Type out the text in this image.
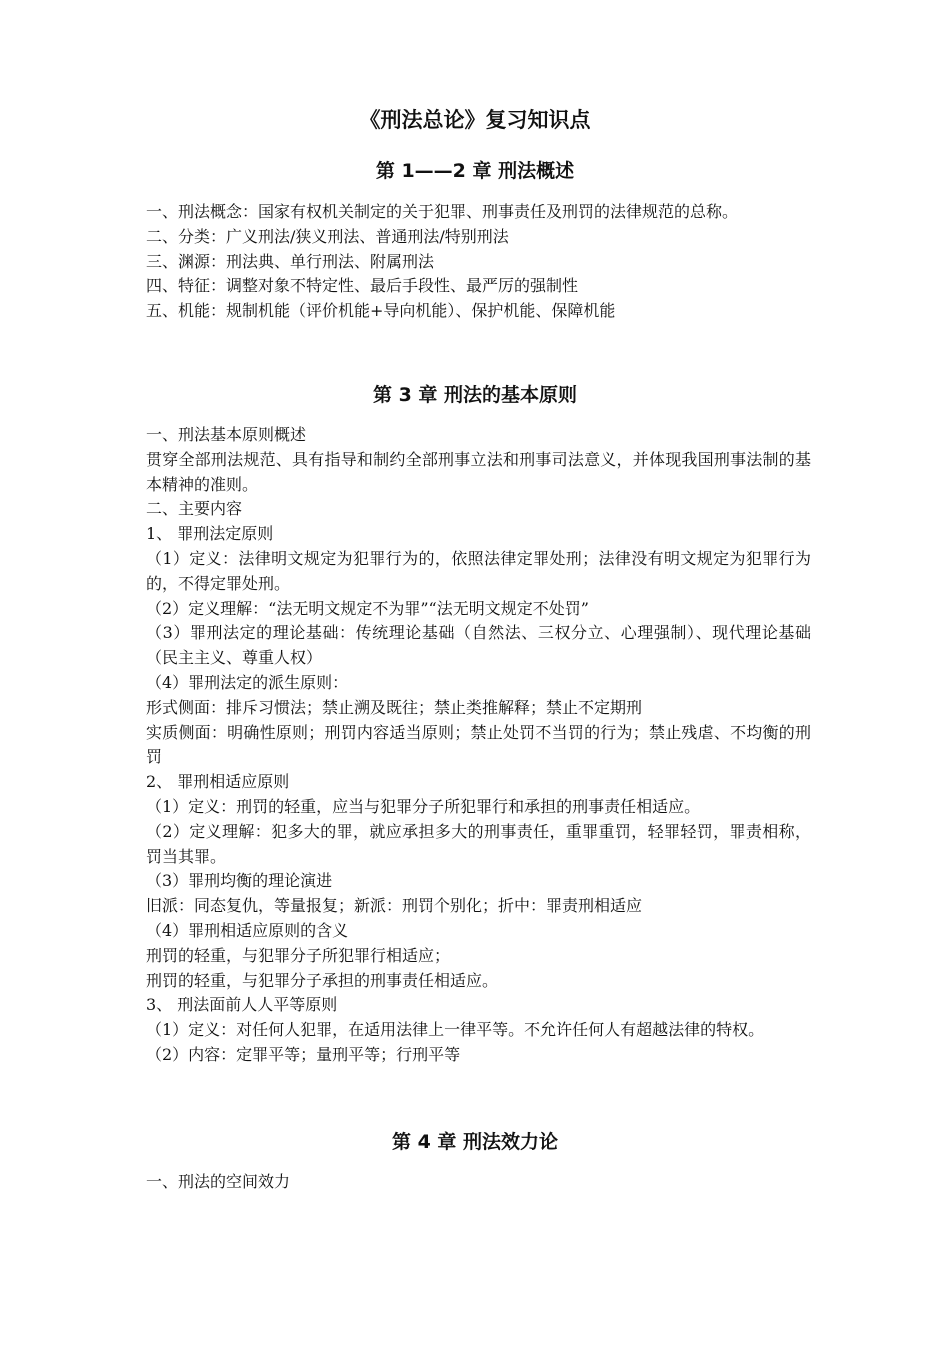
《刑法总论》复习知识点
第 1——2 章 刑法概述

一、刑法概念：国家有权机关制定的关于犯罪、刑事责任及刑罚的法律规范的总称。

二、分类：广义刑法/狭义刑法、普通刑法/特别刑法

三、渊源：刑法典、单行刑法、附属刑法

四、特征：调整对象不特定性、最后手段性、最严厉的强制性

五、机能：规制机能（评价机能+导向机能）、保护机能、保障机能

第 3 章 刑法的基本原则

一、刑法基本原则概述

贯穿全部刑法规范、具有指导和制约全部刑事立法和刑事司法意义，并体现我国刑事法制的基本精神的准则。

二、主要内容

1、 罪刑法定原则

（1）定义：法律明文规定为犯罪行为的，依照法律定罪处刑；法律没有明文规定为犯罪行为的，不得定罪处刑。

（2）定义理解：“法无明文规定不为罪”“法无明文规定不处罚”

（3）罪刑法定的理论基础：传统理论基础（自然法、三权分立、心理强制）、现代理论基础（民主主义、尊重人权）

（4）罪刑法定的派生原则：

形式侧面：排斥习惯法；禁止溯及既往；禁止类推解释；禁止不定期刑

实质侧面：明确性原则；刑罚内容适当原则；禁止处罚不当罚的行为；禁止残虐、不均衡的刑罚

2、 罪刑相适应原则

（1）定义：刑罚的轻重，应当与犯罪分子所犯罪行和承担的刑事责任相适应。

（2）定义理解：犯多大的罪，就应承担多大的刑事责任，重罪重罚，轻罪轻罚，罪责相称，罚当其罪。

（3）罪刑均衡的理论演进

旧派：同态复仇，等量报复；新派：刑罚个别化；折中：罪责刑相适应

（4）罪刑相适应原则的含义

刑罚的轻重，与犯罪分子所犯罪行相适应；

刑罚的轻重，与犯罪分子承担的刑事责任相适应。

3、 刑法面前人人平等原则

（1）定义：对任何人犯罪，在适用法律上一律平等。不允许任何人有超越法律的特权。

（2）内容：定罪平等；量刑平等；行刑平等

第 4 章 刑法效力论

一、刑法的空间效力
